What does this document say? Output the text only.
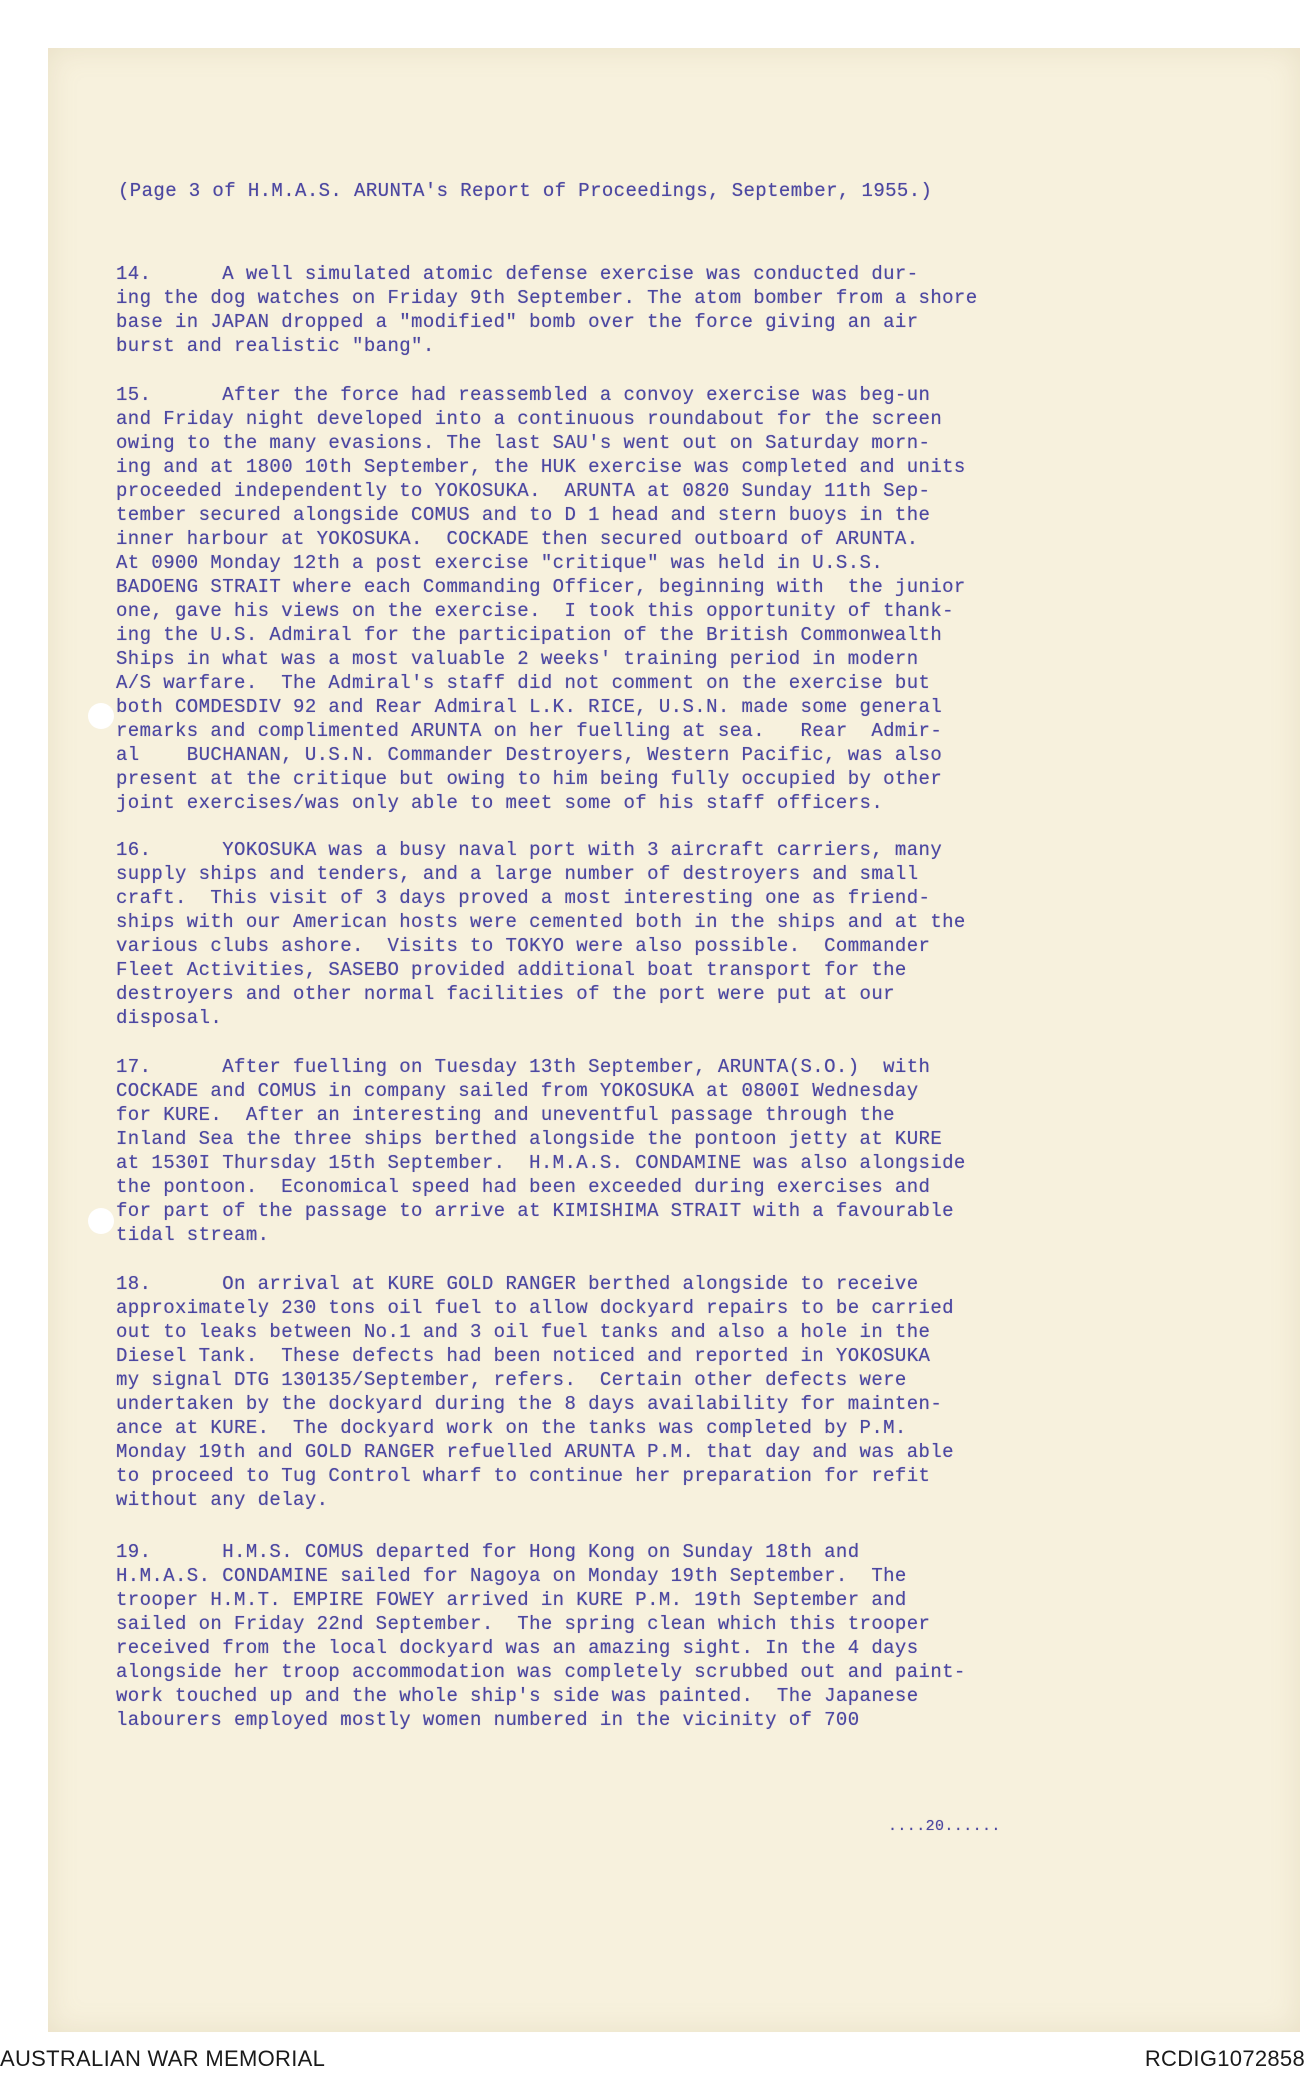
(Page 3 of H.M.A.S. ARUNTA's Report of Proceedings, September, 1955.)
14.      A well simulated atomic defense exercise was conducted dur-
ing the dog watches on Friday 9th September. The atom bomber from a shore
base in JAPAN dropped a "modified" bomb over the force giving an air
burst and realistic "bang".
15.      After the force had reassembled a convoy exercise was beg-un
and Friday night developed into a continuous roundabout for the screen
owing to the many evasions. The last SAU's went out on Saturday morn-
ing and at 1800 10th September, the HUK exercise was completed and units
proceeded independently to YOKOSUKA.  ARUNTA at 0820 Sunday 11th Sep-
tember secured alongside COMUS and to D 1 head and stern buoys in the
inner harbour at YOKOSUKA.  COCKADE then secured outboard of ARUNTA.
At 0900 Monday 12th a post exercise "critique" was held in U.S.S.
BADOENG STRAIT where each Commanding Officer, beginning with  the junior
one, gave his views on the exercise.  I took this opportunity of thank-
ing the U.S. Admiral for the participation of the British Commonwealth
Ships in what was a most valuable 2 weeks' training period in modern
A/S warfare.  The Admiral's staff did not comment on the exercise but
both COMDESDIV 92 and Rear Admiral L.K. RICE, U.S.N. made some general
remarks and complimented ARUNTA on her fuelling at sea.   Rear  Admir-
al    BUCHANAN, U.S.N. Commander Destroyers, Western Pacific, was also
present at the critique but owing to him being fully occupied by other
joint exercises/was only able to meet some of his staff officers.
16.      YOKOSUKA was a busy naval port with 3 aircraft carriers, many
supply ships and tenders, and a large number of destroyers and small
craft.  This visit of 3 days proved a most interesting one as friend-
ships with our American hosts were cemented both in the ships and at the
various clubs ashore.  Visits to TOKYO were also possible.  Commander
Fleet Activities, SASEBO provided additional boat transport for the
destroyers and other normal facilities of the port were put at our
disposal.
17.      After fuelling on Tuesday 13th September, ARUNTA(S.O.)  with
COCKADE and COMUS in company sailed from YOKOSUKA at 0800I Wednesday
for KURE.  After an interesting and uneventful passage through the
Inland Sea the three ships berthed alongside the pontoon jetty at KURE
at 1530I Thursday 15th September.  H.M.A.S. CONDAMINE was also alongside
the pontoon.  Economical speed had been exceeded during exercises and
for part of the passage to arrive at KIMISHIMA STRAIT with a favourable
tidal stream.
18.      On arrival at KURE GOLD RANGER berthed alongside to receive
approximately 230 tons oil fuel to allow dockyard repairs to be carried
out to leaks between No.1 and 3 oil fuel tanks and also a hole in the
Diesel Tank.  These defects had been noticed and reported in YOKOSUKA
my signal DTG 130135/September, refers.  Certain other defects were
undertaken by the dockyard during the 8 days availability for mainten-
ance at KURE.  The dockyard work on the tanks was completed by P.M.
Monday 19th and GOLD RANGER refuelled ARUNTA P.M. that day and was able
to proceed to Tug Control wharf to continue her preparation for refit
without any delay.
19.      H.M.S. COMUS departed for Hong Kong on Sunday 18th and
H.M.A.S. CONDAMINE sailed for Nagoya on Monday 19th September.  The
trooper H.M.T. EMPIRE FOWEY arrived in KURE P.M. 19th September and
sailed on Friday 22nd September.  The spring clean which this trooper
received from the local dockyard was an amazing sight. In the 4 days
alongside her troop accommodation was completely scrubbed out and paint-
work touched up and the whole ship's side was painted.  The Japanese
labourers employed mostly women numbered in the vicinity of 700
....20......
AUSTRALIAN WAR MEMORIAL	RCDIG1072858
